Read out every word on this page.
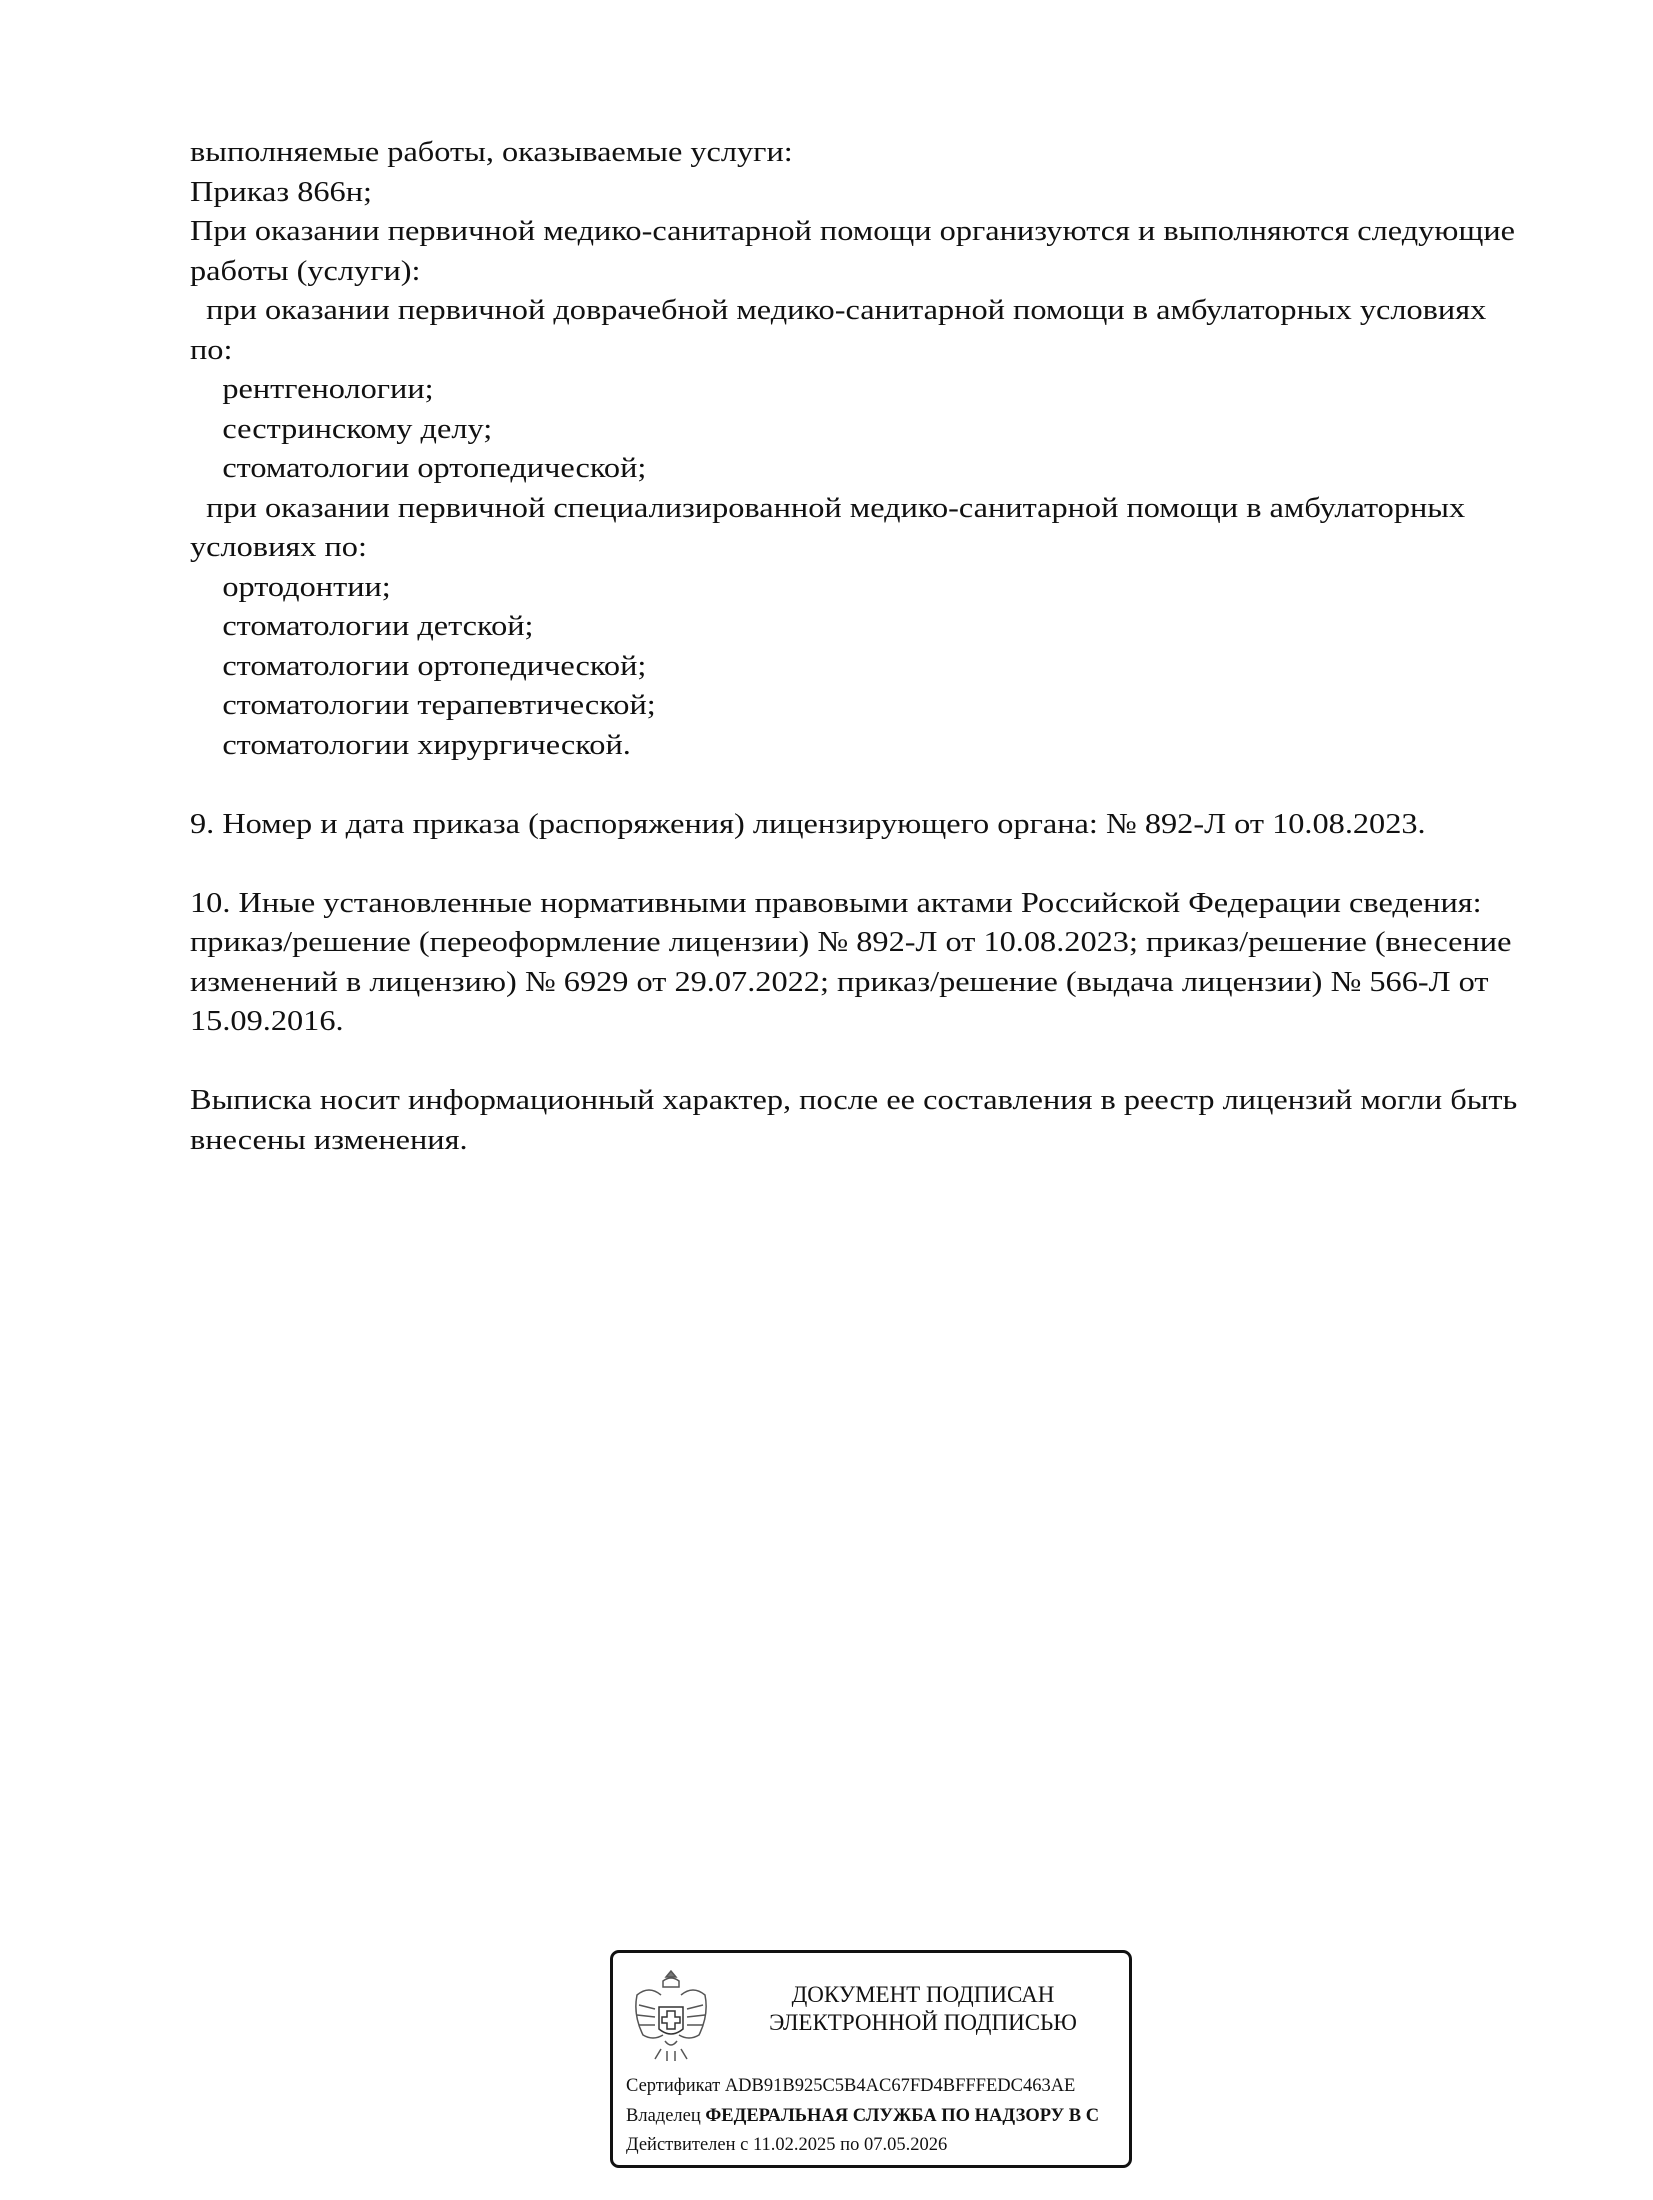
выполняемые работы, оказываемые услуги:
Приказ 866н;
При оказании первичной медико-санитарной помощи организуются и выполняются следующие
работы (услуги):
при оказании первичной доврачебной медико-санитарной помощи в амбулаторных условиях
по:
рентгенологии;
сестринскому делу;
стоматологии ортопедической;
при оказании первичной специализированной медико-санитарной помощи в амбулаторных
условиях по:
ортодонтии;
стоматологии детской;
стоматологии ортопедической;
стоматологии терапевтической;
стоматологии хирургической.
9. Номер и дата приказа (распоряжения) лицензирующего органа: № 892-Л от 10.08.2023.
10. Иные установленные нормативными правовыми актами Российской Федерации сведения:
приказ/решение (переоформление лицензии) № 892-Л от 10.08.2023; приказ/решение (внесение
изменений в лицензию) № 6929 от 29.07.2022; приказ/решение (выдача лицензии) № 566-Л от
15.09.2016.
Выписка носит информационный характер, после ее составления в реестр лицензий могли быть
внесены изменения.
ДОКУМЕНТ ПОДПИСАН
ЭЛЕКТРОННОЙ ПОДПИСЬЮ
Сертификат ADB91B925C5B4AC67FD4BFFFEDC463AE
Владелец ФЕДЕРАЛЬНАЯ СЛУЖБА ПО НАДЗОРУ В С
Действителен с 11.02.2025 по 07.05.2026
